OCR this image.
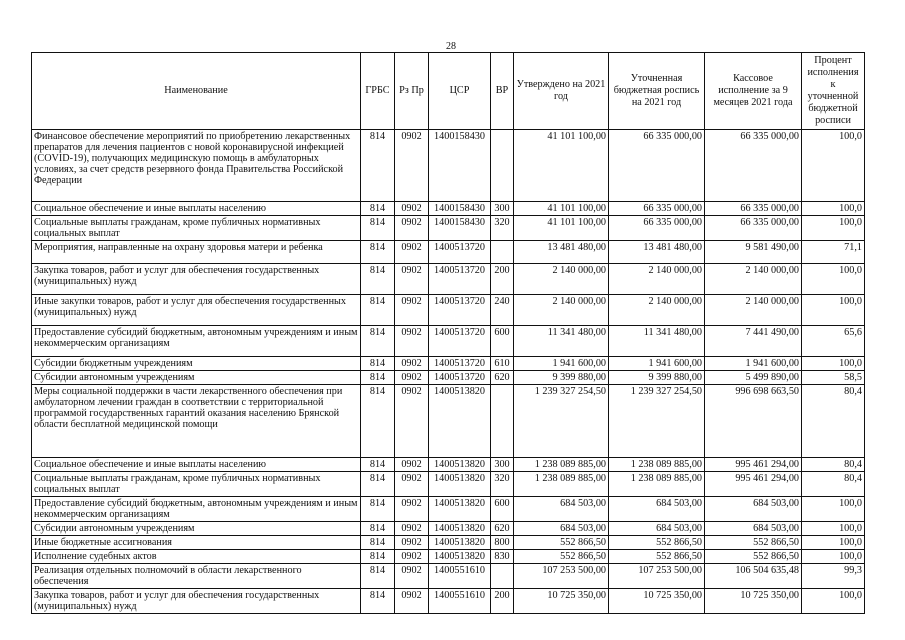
28
Наименование	ГРБС	Рз Пр	ЦСР	ВР	Утверждено на 2021 год	Уточненная бюджетная роспись на 2021 год	Кассовое исполнение за 9 месяцев 2021 года	Процент исполнения к уточненной бюджетной росписи
Финансовое обеспечение мероприятий по приобретению лекарственных препаратов для лечения пациентов с новой коронавирусной инфекцией (COVID-19), получающих медицинскую помощь в амбулаторных условиях, за счет средств резервного фонда Правительства Российской Федерации	814	0902	1400158430		41 101 100,00	66 335 000,00	66 335 000,00	100,0
Социальное обеспечение и иные выплаты населению	814	0902	1400158430	300	41 101 100,00	66 335 000,00	66 335 000,00	100,0
Социальные выплаты гражданам, кроме публичных нормативных социальных выплат	814	0902	1400158430	320	41 101 100,00	66 335 000,00	66 335 000,00	100,0
Мероприятия, направленные на охрану здоровья матери и ребенка	814	0902	1400513720		13 481 480,00	13 481 480,00	9 581 490,00	71,1
Закупка товаров, работ и услуг для обеспечения государственных (муниципальных) нужд	814	0902	1400513720	200	2 140 000,00	2 140 000,00	2 140 000,00	100,0
Иные закупки товаров, работ и услуг для обеспечения государственных (муниципальных) нужд	814	0902	1400513720	240	2 140 000,00	2 140 000,00	2 140 000,00	100,0
Предоставление субсидий бюджетным, автономным учреждениям и иным некоммерческим организациям	814	0902	1400513720	600	11 341 480,00	11 341 480,00	7 441 490,00	65,6
Субсидии бюджетным учреждениям	814	0902	1400513720	610	1 941 600,00	1 941 600,00	1 941 600,00	100,0
Субсидии автономным учреждениям	814	0902	1400513720	620	9 399 880,00	9 399 880,00	5 499 890,00	58,5
Меры социальной поддержки в части лекарственного обеспечения при амбулаторном лечении граждан в соответствии с территориальной программой государственных гарантий оказания населению Брянской области бесплатной медицинской помощи	814	0902	1400513820		1 239 327 254,50	1 239 327 254,50	996 698 663,50	80,4
Социальное обеспечение и иные выплаты населению	814	0902	1400513820	300	1 238 089 885,00	1 238 089 885,00	995 461 294,00	80,4
Социальные выплаты гражданам, кроме публичных нормативных социальных выплат	814	0902	1400513820	320	1 238 089 885,00	1 238 089 885,00	995 461 294,00	80,4
Предоставление субсидий бюджетным, автономным учреждениям и иным некоммерческим организациям	814	0902	1400513820	600	684 503,00	684 503,00	684 503,00	100,0
Субсидии автономным учреждениям	814	0902	1400513820	620	684 503,00	684 503,00	684 503,00	100,0
Иные бюджетные ассигнования	814	0902	1400513820	800	552 866,50	552 866,50	552 866,50	100,0
Исполнение судебных актов	814	0902	1400513820	830	552 866,50	552 866,50	552 866,50	100,0
Реализация отдельных полномочий в области лекарственного обеспечения	814	0902	1400551610		107 253 500,00	107 253 500,00	106 504 635,48	99,3
Закупка товаров, работ и услуг для обеспечения государственных (муниципальных) нужд	814	0902	1400551610	200	10 725 350,00	10 725 350,00	10 725 350,00	100,0
